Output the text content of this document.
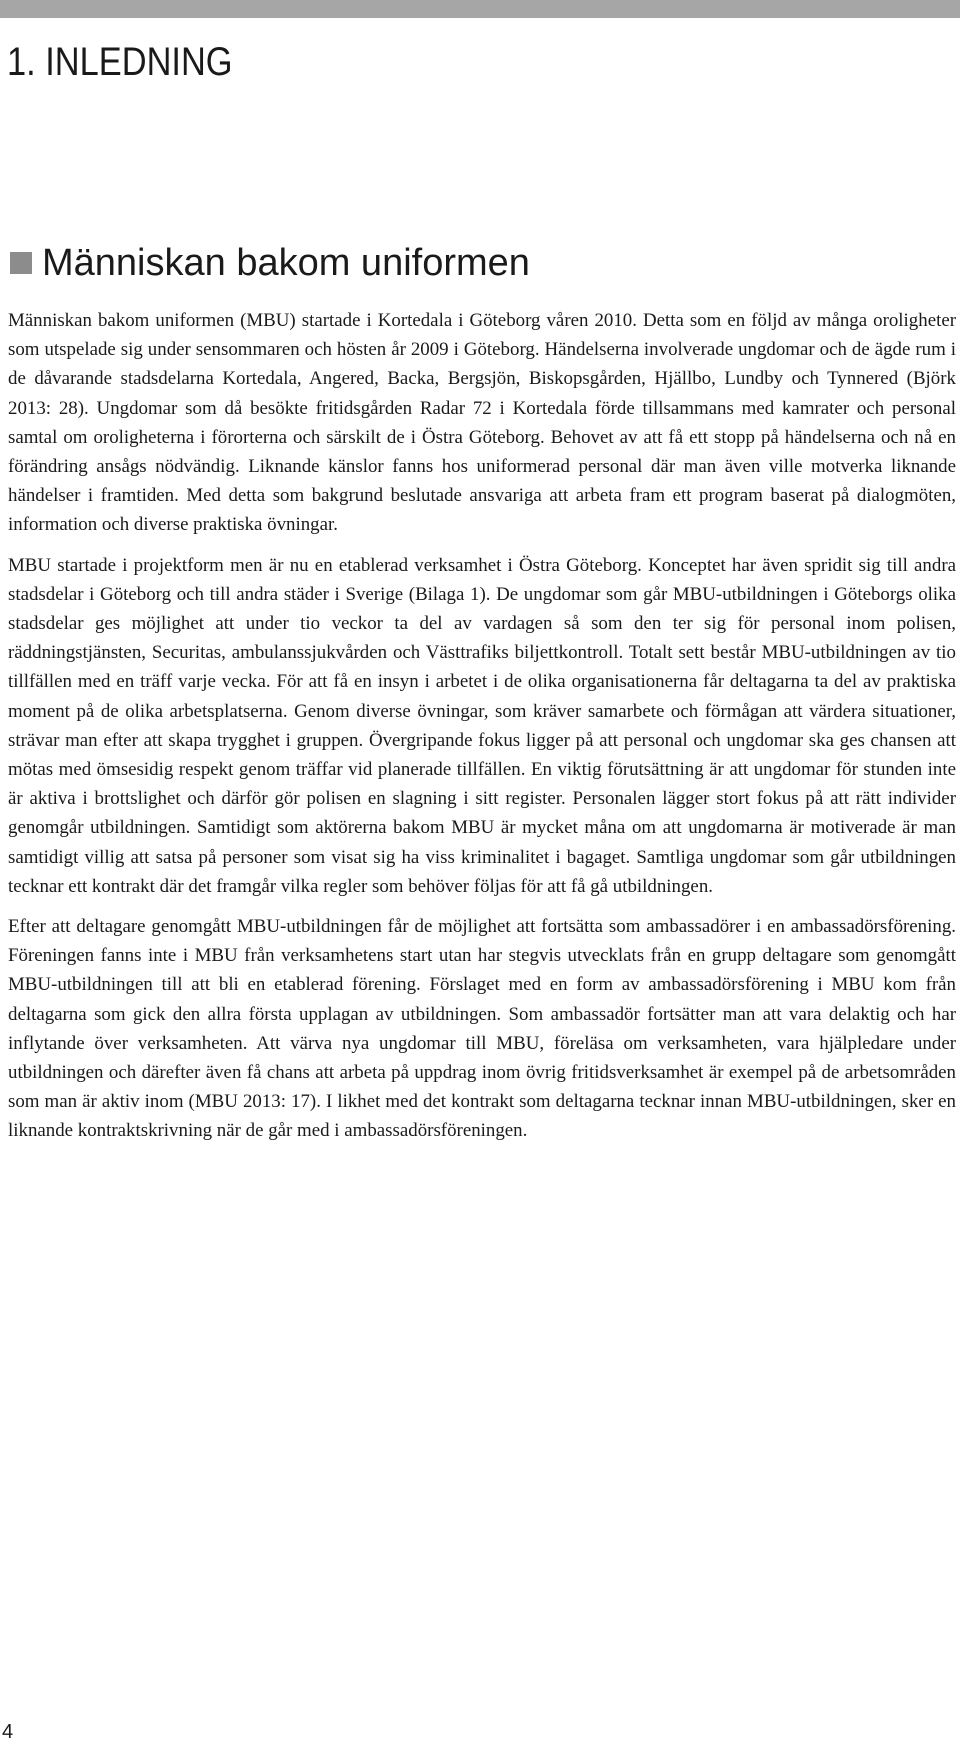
1. INLEDNING
Människan bakom uniformen

Människan bakom uniformen (MBU) startade i Kortedala i Göteborg våren 2010. Detta som en följd av många oroligheter som utspelade sig under sensommaren och hösten år 2009 i Göteborg. Händelserna involverade ungdomar och de ägde rum i de dåvarande stadsdelarna Kortedala, Angered, Backa, Bergsjön, Biskopsgården, Hjällbo, Lundby och Tynnered (Björk 2013: 28). Ungdomar som då besökte fritidsgården Radar 72 i Kortedala förde tillsammans med kamrater och personal samtal om oroligheterna i förorterna och särskilt de i Östra Göteborg. Behovet av att få ett stopp på händelserna och nå en förändring ansågs nödvändig. Liknande känslor fanns hos uniformerad personal där man även ville motverka liknande händelser i framtiden. Med detta som bakgrund beslutade ansvariga att arbeta fram ett program baserat på dialogmöten, information och diverse praktiska övningar.

MBU startade i projektform men är nu en etablerad verksamhet i Östra Göteborg. Konceptet har även spridit sig till andra stadsdelar i Göteborg och till andra städer i Sverige (Bilaga 1). De ungdomar som går MBU-utbildningen i Göteborgs olika stadsdelar ges möjlighet att under tio veckor ta del av vardagen så som den ter sig för personal inom polisen, räddningstjänsten, Securitas, ambulanssjukvården och Västtrafiks biljettkontroll. Totalt sett består MBU-utbildningen av tio tillfällen med en träff varje vecka. För att få en insyn i arbetet i de olika organisationerna får deltagarna ta del av praktiska moment på de olika arbetsplatserna. Genom diverse övningar, som kräver samarbete och förmågan att värdera situationer, strävar man efter att skapa trygghet i gruppen. Övergripande fokus ligger på att personal och ungdomar ska ges chansen att mötas med ömsesidig respekt genom träffar vid planerade tillfällen. En viktig förutsättning är att ungdomar för stunden inte är aktiva i brottslighet och därför gör polisen en slagning i sitt register. Personalen lägger stort fokus på att rätt individer genomgår utbildningen. Samtidigt som aktörerna bakom MBU är mycket måna om att ungdomarna är motiverade är man samtidigt villig att satsa på personer som visat sig ha viss kriminalitet i bagaget. Samtliga ungdomar som går utbildningen tecknar ett kontrakt där det framgår vilka regler som behöver följas för att få gå utbildningen.

Efter att deltagare genomgått MBU-utbildningen får de möjlighet att fortsätta som ambassadörer i en ambassadörsförening. Föreningen fanns inte i MBU från verksamhetens start utan har stegvis utvecklats från en grupp deltagare som genomgått MBU-utbildningen till att bli en etablerad förening. Förslaget med en form av ambassadörsförening i MBU kom från deltagarna som gick den allra första upplagan av utbildningen. Som ambassadör fortsätter man att vara delaktig och har inflytande över verksamheten. Att värva nya ungdomar till MBU, föreläsa om verksamheten, vara hjälpledare under utbildningen och därefter även få chans att arbeta på uppdrag inom övrig fritidsverksamhet är exempel på de arbetsområden som man är aktiv inom (MBU 2013: 17). I likhet med det kontrakt som deltagarna tecknar innan MBU-utbildningen, sker en liknande kontraktskrivning när de går med i ambassadörsföreningen.

4
